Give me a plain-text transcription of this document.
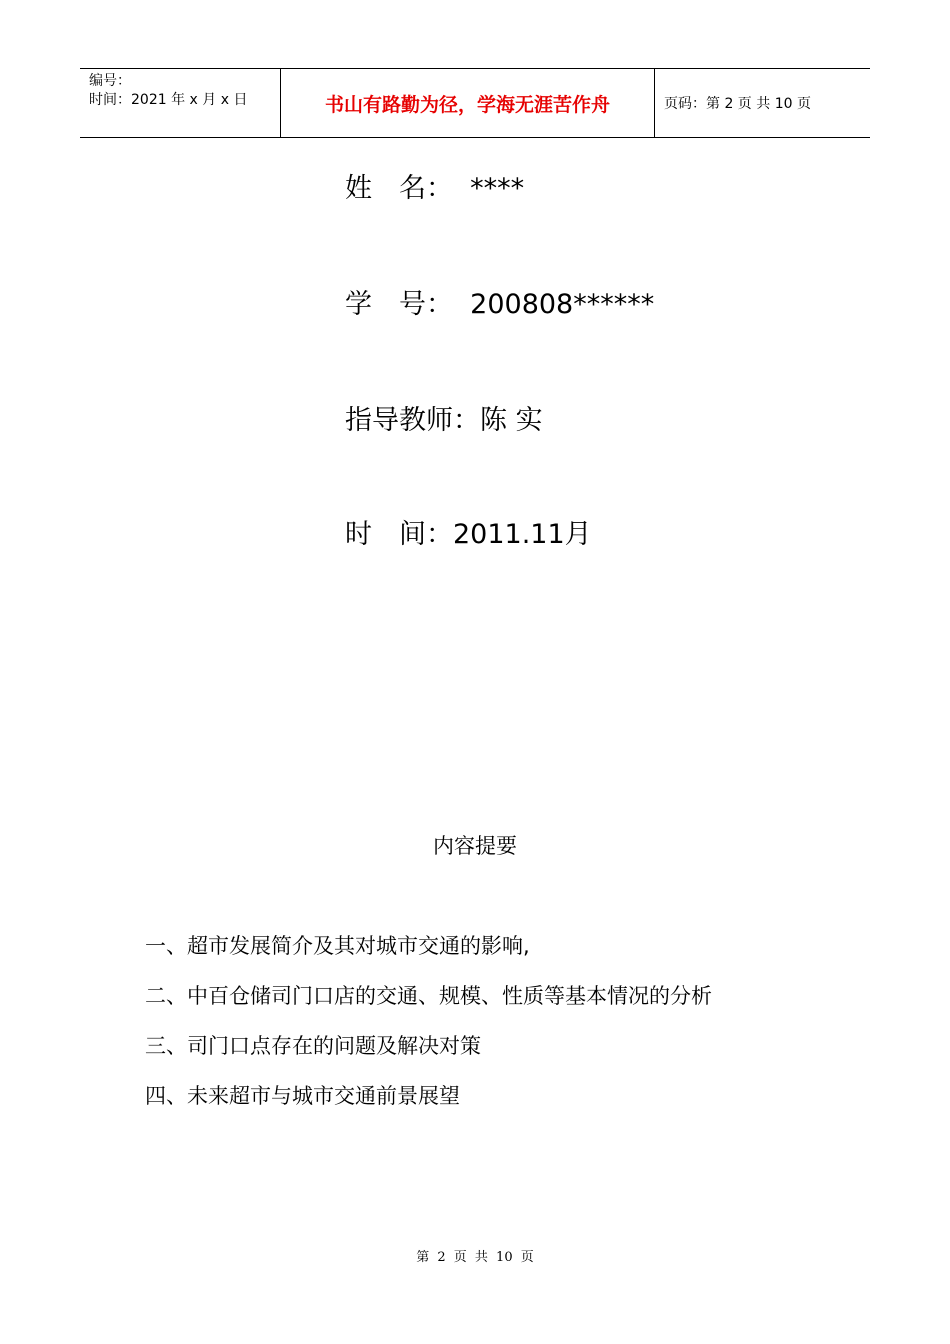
编号：
时间：2021 年 x 月 x 日	书山有路勤为径，学海无涯苦作舟	页码：第 2 页 共 10 页
姓　名：  ****
学　号：  200808******
指导教师：陈 实
时　间：2011.11月
内容提要
一、超市发展简介及其对城市交通的影响,
二、中百仓储司门口店的交通、规模、性质等基本情况的分析
三、司门口点存在的问题及解决对策
四、未来超市与城市交通前景展望
第 2 页 共 10 页
